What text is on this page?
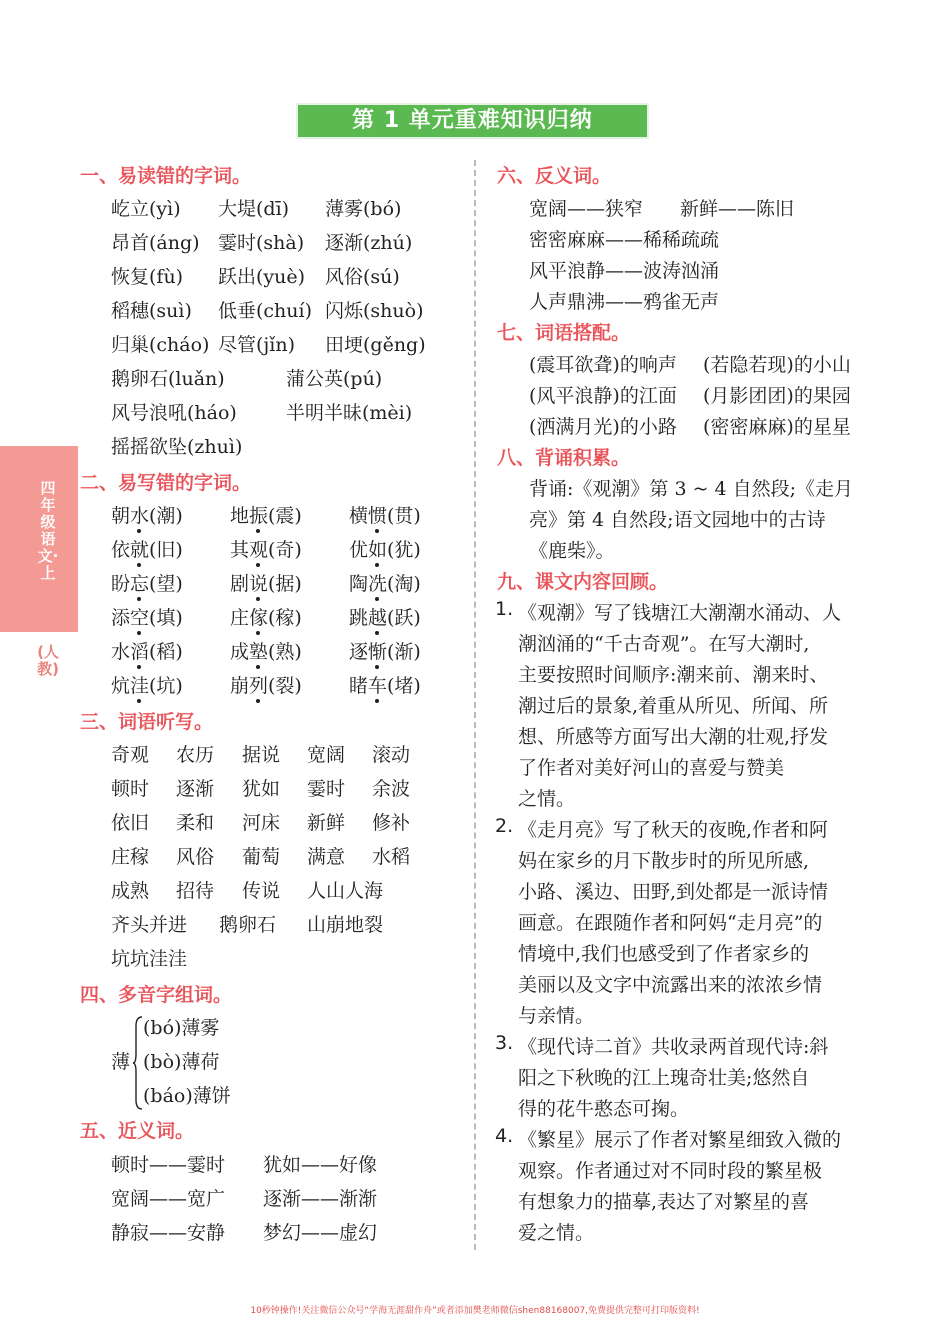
第 1 单元重难知识归纳
四年级语文·上
(人教)
一、易读错的字词。
屹立(yì) 大堤(dī) 薄雾(bó)
昂首(áng) 霎时(shà) 逐渐(zhú)
恢复(fù) 跃出(yuè) 风俗(sú)
稻穗(suì) 低垂(chuí) 闪烁(shuò)
归巢(cháo) 尽管(jǐn) 田埂(gěng)
鹅卵石(luǎn)	蒲公英(pú)
风号浪吼(háo)	半明半昧(mèi)
摇摇欲坠(zhuì)
二、易写错的字词。
朝水(潮) 地振(震) 横惯(贯)
依就(旧) 其观(奇) 优如(犹)
盼忘(望) 剧说(据) 陶冼(淘)
添空(填) 庄傢(稼) 跳越(跃)
水滔(稻) 成塾(熟) 逐惭(渐)
炕洼(坑) 崩列(裂) 睹车(堵)
三、词语听写。
奇观 农历 据说 宽阔 滚动
顿时 逐渐 犹如 霎时 余波
依旧 柔和 河床 新鲜 修补
庄稼 风俗 葡萄 满意 水稻
成熟 招待 传说 人山人海
齐头并进 鹅卵石 山崩地裂
坑坑洼洼
四、多音字组词。
薄
(bó)薄雾
(bò)薄荷
(báo)薄饼
五、近义词。
顿时——霎时 犹如——好像
宽阔——宽广 逐渐——渐渐
静寂——安静 梦幻——虚幻
六、反义词。
宽阔——狭窄 新鲜——陈旧
密密麻麻——稀稀疏疏
风平浪静——波涛汹涌
人声鼎沸——鸦雀无声
七、词语搭配。
(震耳欲聋)的响声 (若隐若现)的小山
(风平浪静)的江面 (月影团团)的果园
(洒满月光)的小路 (密密麻麻)的星星
八、背诵积累。
背诵:《观潮》第 3 ~ 4 自然段;《走月
亮》第 4 自然段;语文园地中的古诗
《鹿柴》。
九、课文内容回顾。
1. 《观潮》写了钱塘江大潮潮水涌动、人
潮汹涌的“千古奇观”。在写大潮时,
主要按照时间顺序:潮来前、潮来时、
潮过后的景象,着重从所见、所闻、所
想、所感等方面写出大潮的壮观,抒发
了作者对美好河山的喜爱与赞美
之情。
2. 《走月亮》写了秋天的夜晚,作者和阿
妈在家乡的月下散步时的所见所感,
小路、溪边、田野,到处都是一派诗情
画意。在跟随作者和阿妈“走月亮”的
情境中,我们也感受到了作者家乡的
美丽以及文字中流露出来的浓浓乡情
与亲情。
3. 《现代诗二首》共收录两首现代诗:斜
阳之下秋晚的江上瑰奇壮美;悠然自
得的花牛憨态可掬。
4. 《繁星》展示了作者对繁星细致入微的
观察。作者通过对不同时段的繁星极
有想象力的描摹,表达了对繁星的喜
爱之情。
10秒钟操作!关注微信公众号“学海无涯甜作舟”或者添加樊老师微信shen88168007,免费提供完整可打印版资料!
